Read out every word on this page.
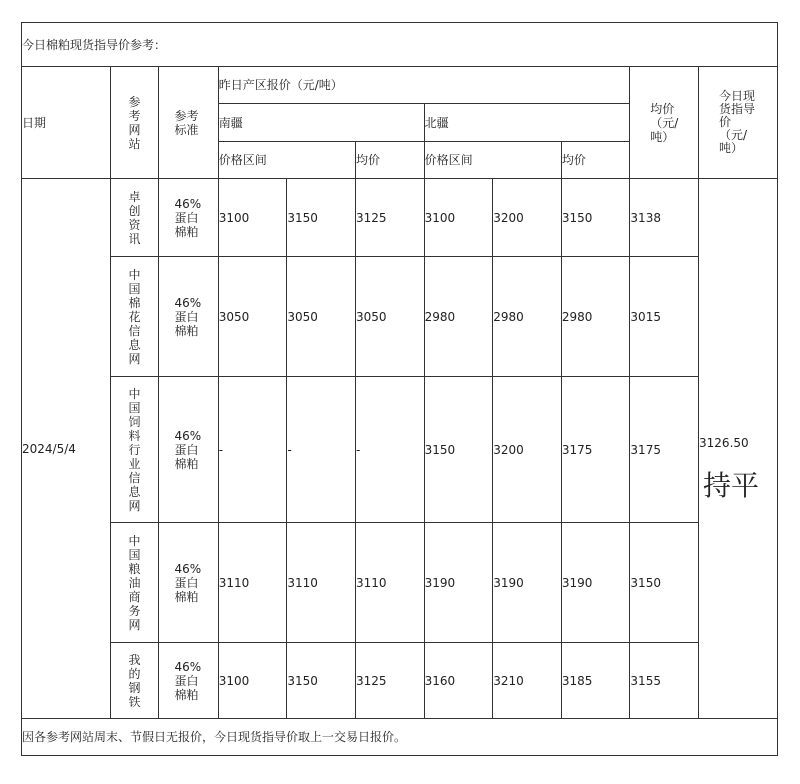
今日棉粕现货指导价参考：										
日期	参考网站	参考标准	昨日产区报价（元/吨）						均价（元/吨）	今日现货指导价（元/吨）

			南疆			北疆				
			价格区间		均价	价格区间		均价		
2024/5/4	卓创资讯	46%蛋白棉粕	3100	3150	3125	3100	3200	3150	3138	3126.50
持平

	中国棉花信息网	46%蛋白棉粕	3050	3050	3050	2980	2980	2980	3015	

	中国饲料行业信息网	46%蛋白棉粕	-	-	-	3150	3200	3175	3175	

	中国粮油商务网	46%蛋白棉粕	3110	3110	3110	3190	3190	3190	3150	

	我的钢铁	46%蛋白棉粕	3100	3150	3125	3160	3210	3185	3155	
因各参考网站周末、节假日无报价，今日现货指导价取上一交易日报价。										
